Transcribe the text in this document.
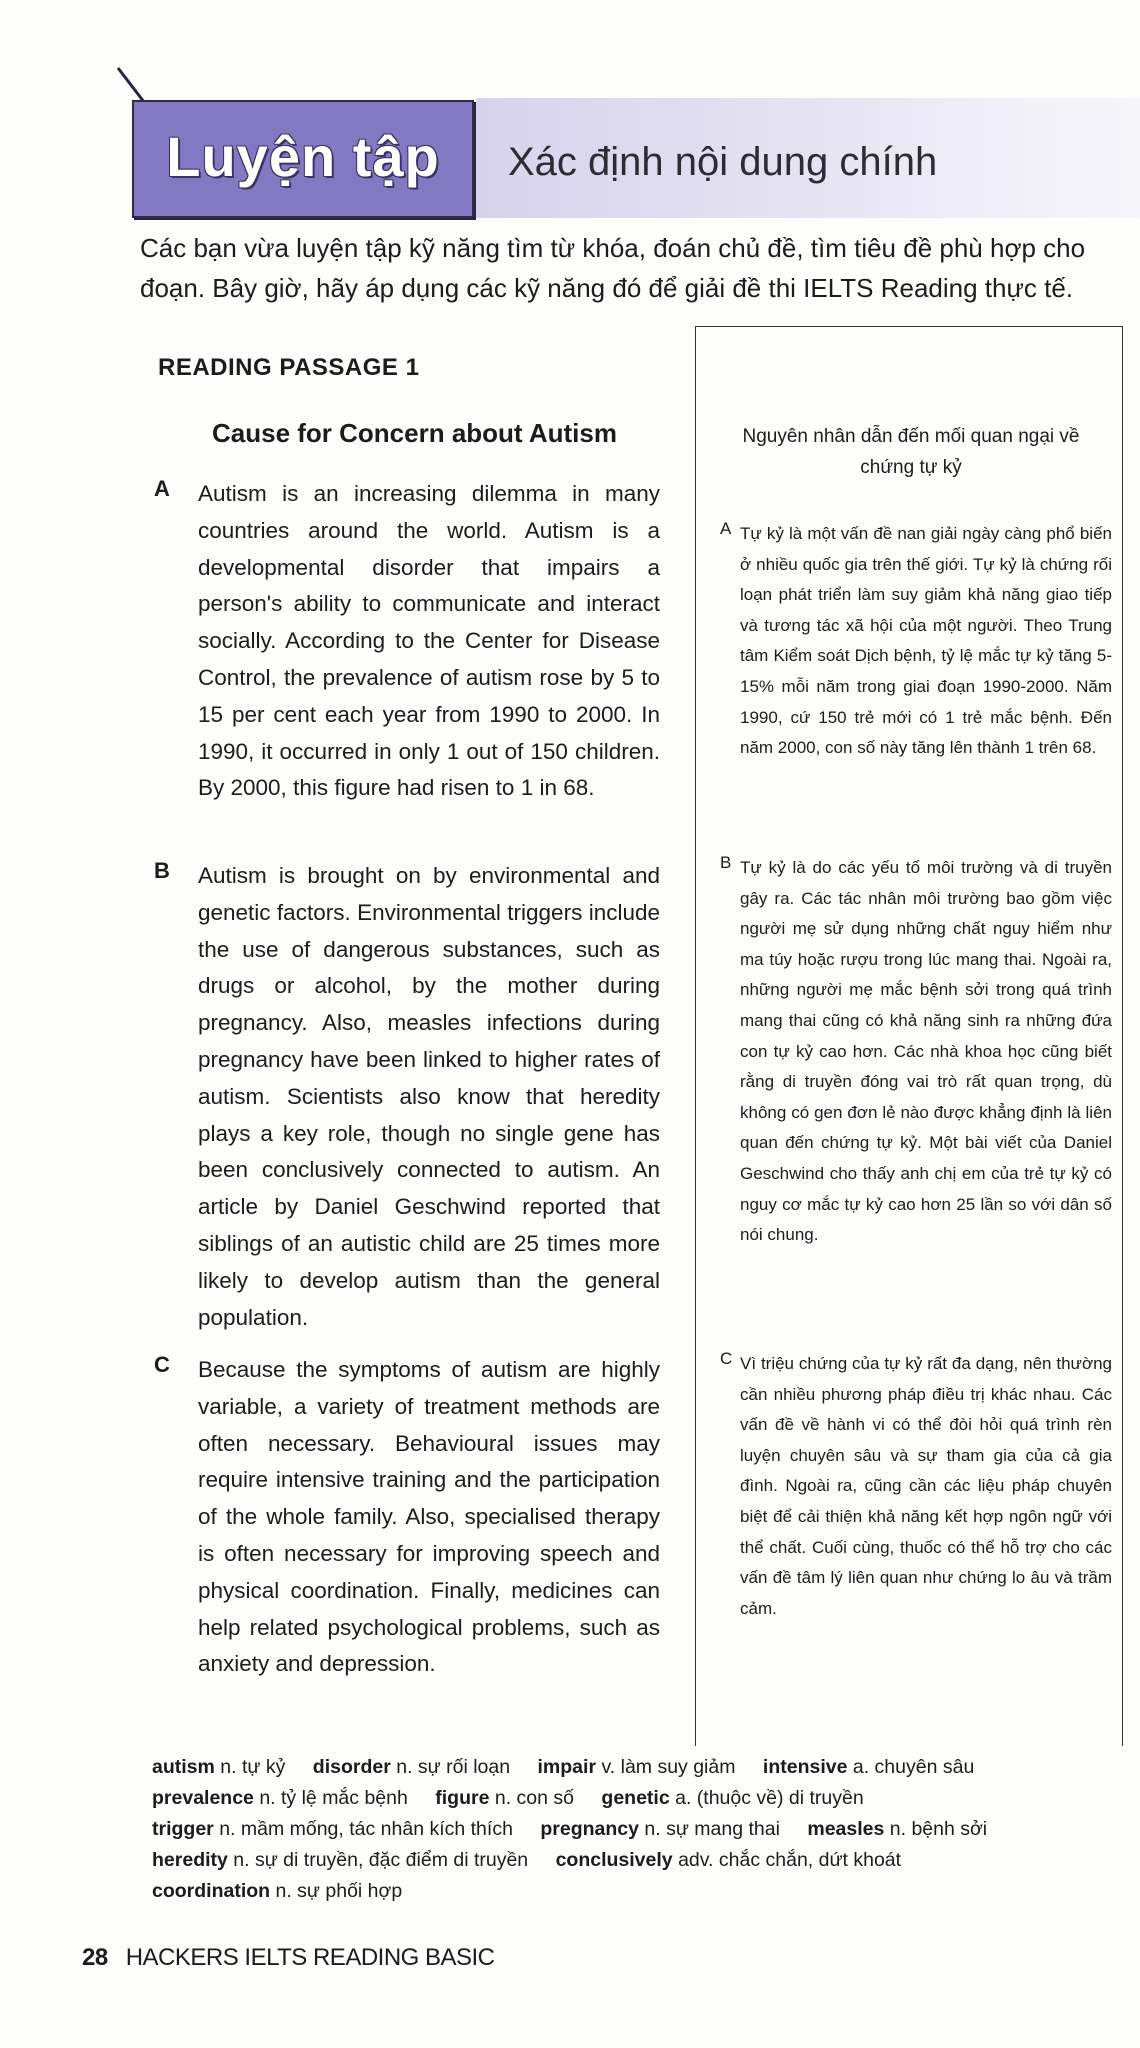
Luyện tập	Xác định nội dung chính
Các bạn vừa luyện tập kỹ năng tìm từ khóa, đoán chủ đề, tìm tiêu đề phù hợp cho đoạn. Bây giờ, hãy áp dụng các kỹ năng đó để giải đề thi IELTS Reading thực tế.
READING PASSAGE 1
Cause for Concern about Autism
A Autism is an increasing dilemma in many countries around the world. Autism is a developmental disorder that impairs a person's ability to communicate and interact socially. According to the Center for Disease Control, the prevalence of autism rose by 5 to 15 per cent each year from 1990 to 2000. In 1990, it occurred in only 1 out of 150 children. By 2000, this figure had risen to 1 in 68.
B Autism is brought on by environmental and genetic factors. Environmental triggers include the use of dangerous substances, such as drugs or alcohol, by the mother during pregnancy. Also, measles infections during pregnancy have been linked to higher rates of autism. Scientists also know that heredity plays a key role, though no single gene has been conclusively connected to autism. An article by Daniel Geschwind reported that siblings of an autistic child are 25 times more likely to develop autism than the general population.
C Because the symptoms of autism are highly variable, a variety of treatment methods are often necessary. Behavioural issues may require intensive training and the participation of the whole family. Also, specialised therapy is often necessary for improving speech and physical coordination. Finally, medicines can help related psychological problems, such as anxiety and depression.
Nguyên nhân dẫn đến mối quan ngại về chứng tự kỷ
A Tự kỷ là một vấn đề nan giải ngày càng phổ biến ở nhiều quốc gia trên thế giới. Tự kỷ là chứng rối loạn phát triển làm suy giảm khả năng giao tiếp và tương tác xã hội của một người. Theo Trung tâm Kiểm soát Dịch bệnh, tỷ lệ mắc tự kỷ tăng 5-15% mỗi năm trong giai đoạn 1990-2000. Năm 1990, cứ 150 trẻ mới có 1 trẻ mắc bệnh. Đến năm 2000, con số này tăng lên thành 1 trên 68.
B Tự kỷ là do các yếu tố môi trường và di truyền gây ra. Các tác nhân môi trường bao gồm việc người mẹ sử dụng những chất nguy hiểm như ma túy hoặc rượu trong lúc mang thai. Ngoài ra, những người mẹ mắc bệnh sởi trong quá trình mang thai cũng có khả năng sinh ra những đứa con tự kỷ cao hơn. Các nhà khoa học cũng biết rằng di truyền đóng vai trò rất quan trọng, dù không có gen đơn lẻ nào được khẳng định là liên quan đến chứng tự kỷ. Một bài viết của Daniel Geschwind cho thấy anh chị em của trẻ tự kỷ có nguy cơ mắc tự kỷ cao hơn 25 lần so với dân số nói chung.
C Vì triệu chứng của tự kỷ rất đa dạng, nên thường cần nhiều phương pháp điều trị khác nhau. Các vấn đề về hành vi có thể đòi hỏi quá trình rèn luyện chuyên sâu và sự tham gia của cả gia đình. Ngoài ra, cũng cần các liệu pháp chuyên biệt để cải thiện khả năng kết hợp ngôn ngữ với thể chất. Cuối cùng, thuốc có thể hỗ trợ cho các vấn đề tâm lý liên quan như chứng lo âu và trầm cảm.
autism n. tự kỷ disorder n. sự rối loạn impair v. làm suy giảm intensive a. chuyên sâu
prevalence n. tỷ lệ mắc bệnh figure n. con số genetic a. (thuộc về) di truyền
trigger n. mầm mống, tác nhân kích thích pregnancy n. sự mang thai measles n. bệnh sởi
heredity n. sự di truyền, đặc điểm di truyền conclusively adv. chắc chắn, dứt khoát
coordination n. sự phối hợp
28 HACKERS IELTS READING BASIC
